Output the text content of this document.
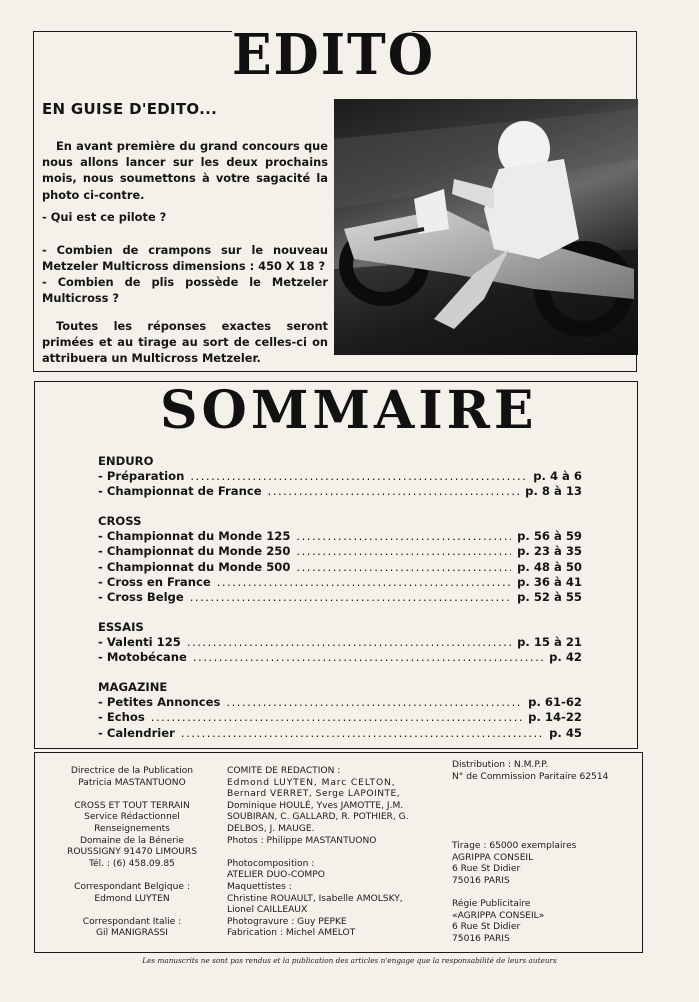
EDITO
EN GUISE D'EDITO...
En avant première du grand concours que nous allons lancer sur les deux prochains mois, nous soumettons à votre sagacité la photo ci-contre.
- Qui est ce pilote ?
- Combien de crampons sur le nouveau Metzeler Multicross dimensions : 450 X 18 ?
- Combien de plis possède le Metzeler Multicross ?
Toutes les réponses exactes seront primées et au tirage au sort de celles-ci on attribuera un Multicross Metzeler.
SOMMAIRE
ENDURO
- Préparation .....	p. 4 à 6
- Championnat de France .....	p. 8 à 13
CROSS
- Championnat du Monde 125 .....	p. 56 à 59
- Championnat du Monde 250 .....	p. 23 à 35
- Championnat du Monde 500 .....	p. 48 à 50
- Cross en France .....	p. 36 à 41
- Cross Belge .....	p. 52 à 55
ESSAIS
- Valenti 125 .....	p. 15 à 21
- Motobécane .....	p. 42
MAGAZINE
- Petites Annonces .....	p. 61-62
- Echos .....	p. 14-22
- Calendrier .....	p. 45
Directrice de la Publication
Patricia MASTANTUONO
CROSS ET TOUT TERRAIN
Service Rédactionnel
Renseignements
Domaine de la Bénerie
ROUSSIGNY 91470 LIMOURS
Tél. : (6) 458.09.85
Correspondant Belgique :
Edmond LUYTEN
Correspondant Italie :
Gil MANIGRASSI
COMITE DE REDACTION :
Edmond LUYTEN, Marc CELTON,
Bernard VERRET, Serge LAPOINTE,
Dominique HOULÉ, Yves JAMOTTE, J.M.
SOUBIRAN, C. GALLARD, R. POTHIER, G.
DELBOS, J. MAUGE.
Photos : Philippe MASTANTUONO
Photocomposition :
ATELIER DUO-COMPO
Maquettistes :
Christine ROUAULT, Isabelle AMOLSKY,
Lionel CAILLEAUX
Photogravure : Guy PEPKE
Fabrication : Michel AMELOT
Distribution : N.M.P.P.
N° de Commission Paritaire 62514
Tirage : 65000 exemplaires
AGRIPPA CONSEIL
6 Rue St Didier
75016 PARIS
Régie Publicitaire
«AGRIPPA CONSEIL»
6 Rue St Didier
75016 PARIS
Les manuscrits ne sont pas rendus et la publication des articles n'engage que la responsabilité de leurs auteurs
